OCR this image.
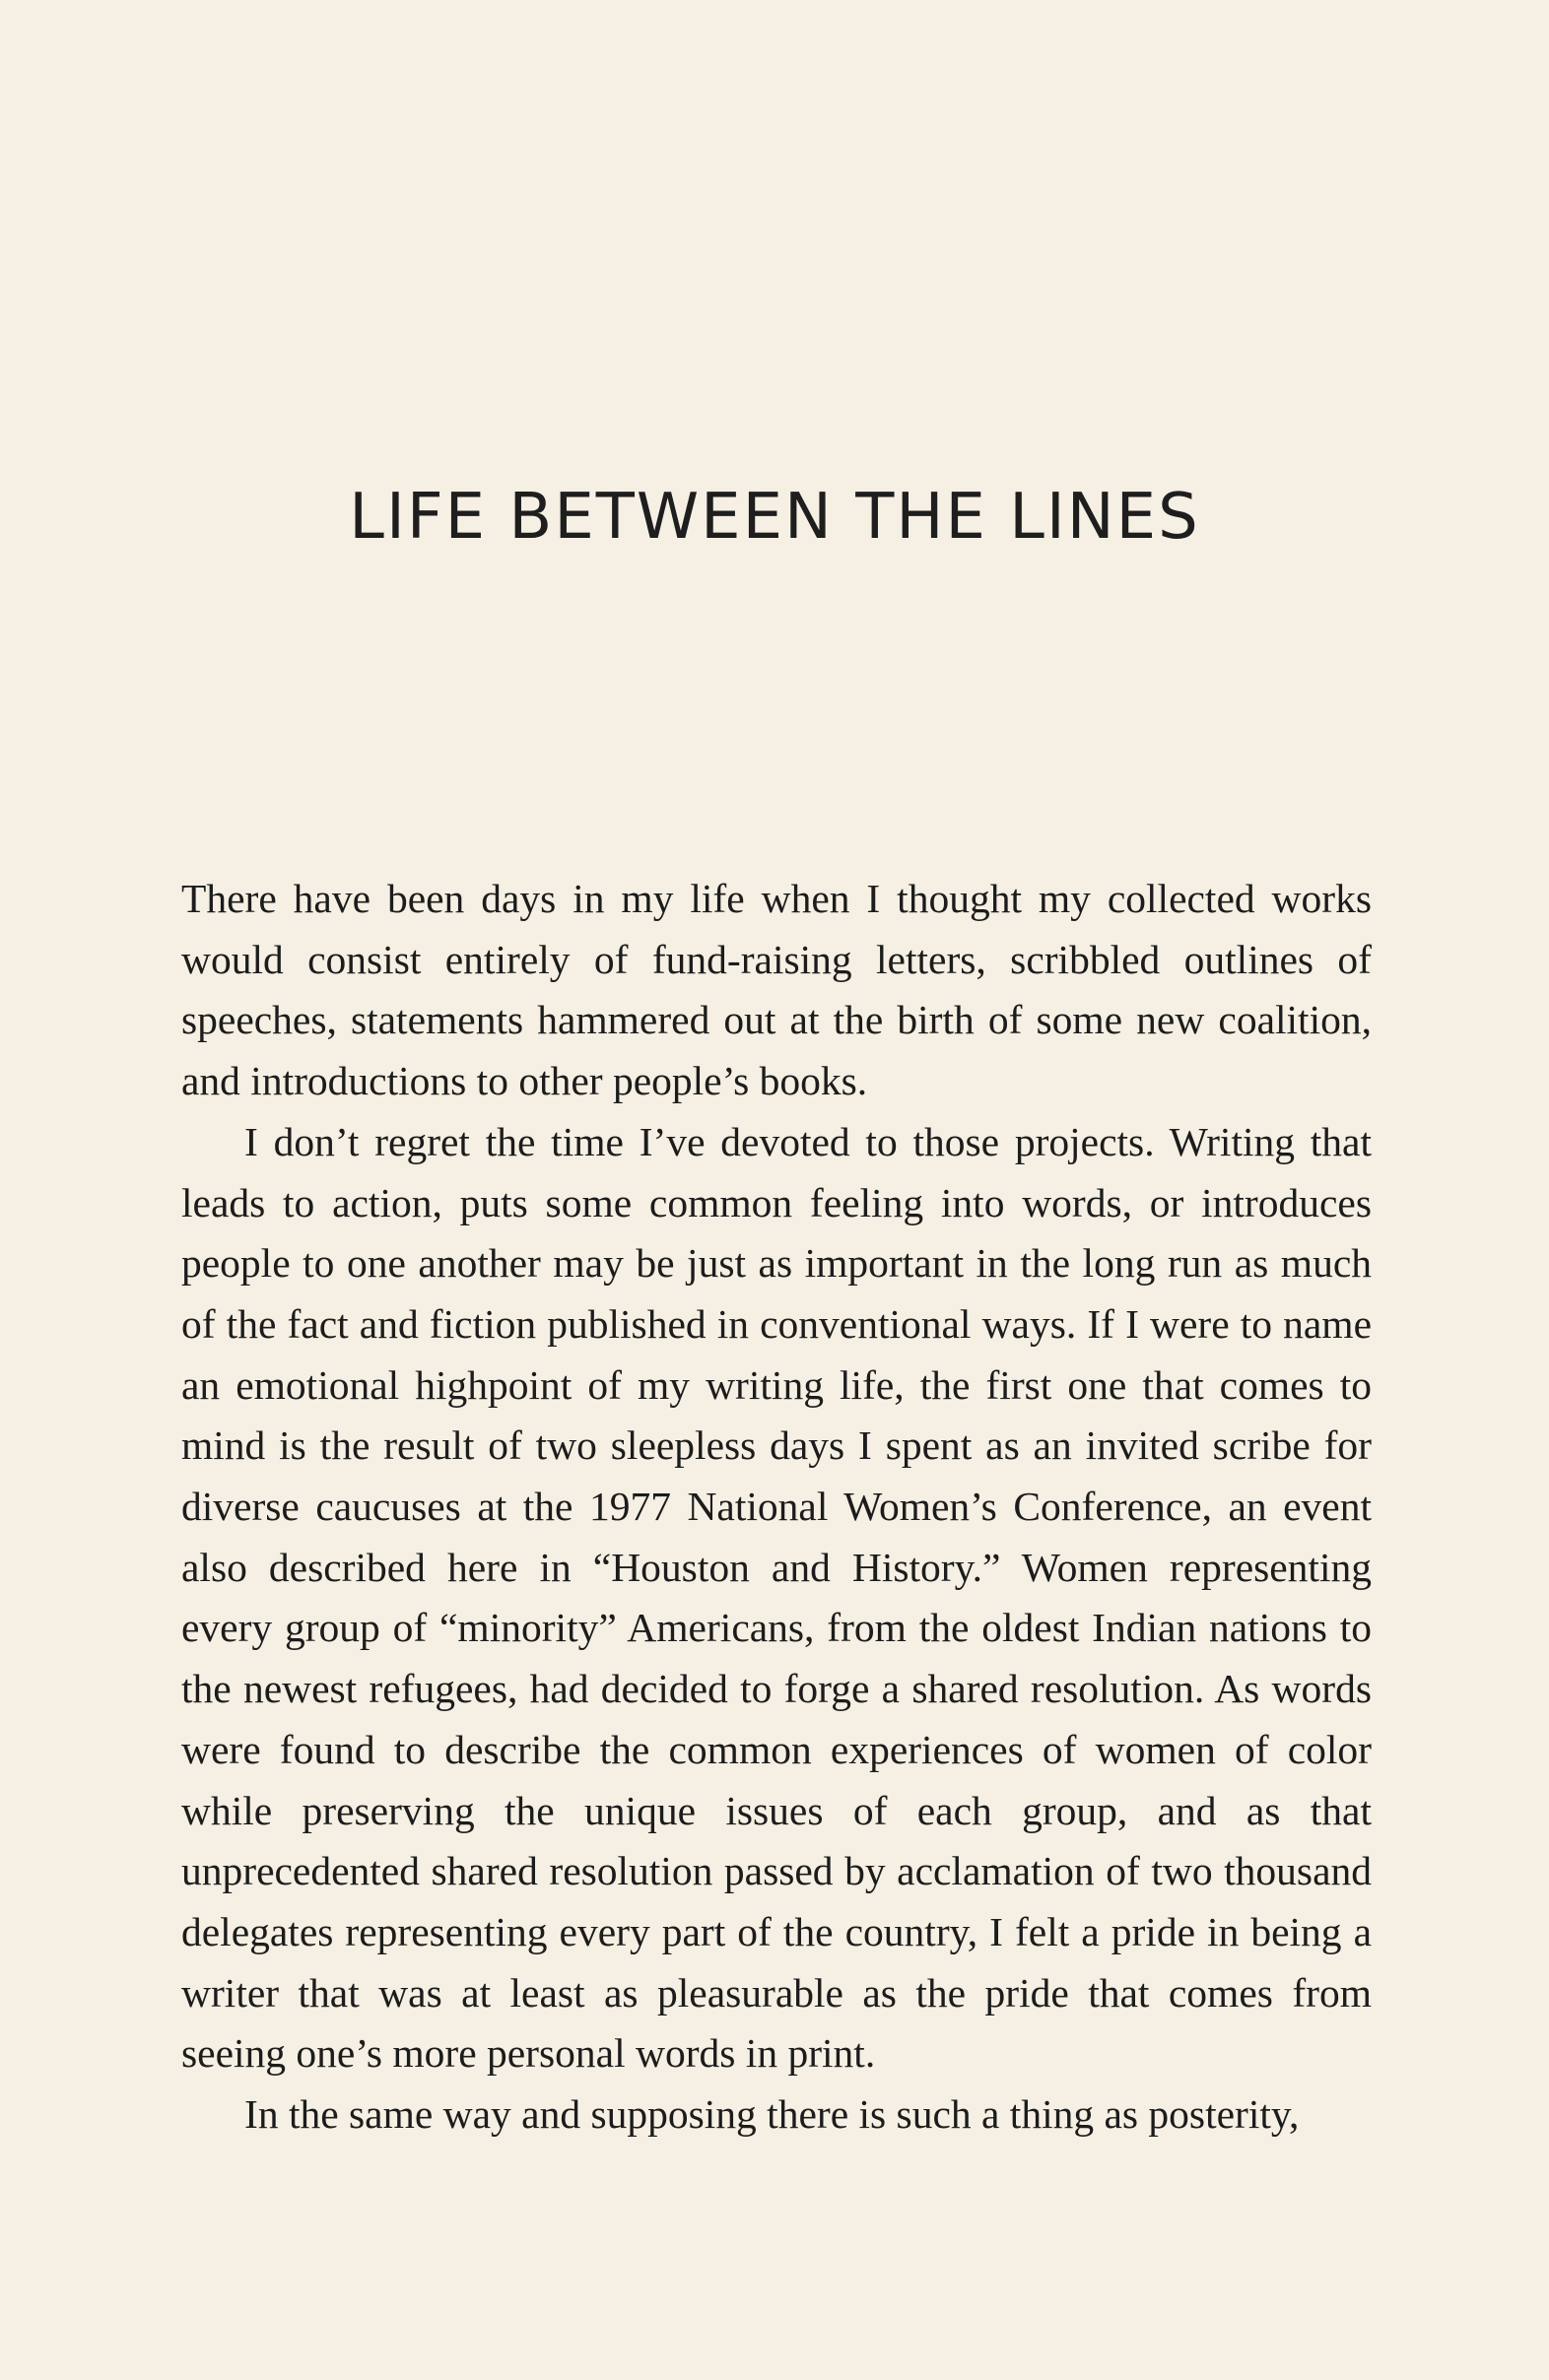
LIFE BETWEEN THE LINES

There have been days in my life when I thought my collected works would consist entirely of fund-raising letters, scribbled outlines of speeches, statements hammered out at the birth of some new coalition, and introductions to other people’s books.

I don’t regret the time I’ve devoted to those projects. Writing that leads to action, puts some common feeling into words, or introduces people to one another may be just as important in the long run as much of the fact and fiction published in conventional ways. If I were to name an emotional highpoint of my writing life, the first one that comes to mind is the result of two sleepless days I spent as an invited scribe for diverse caucuses at the 1977 National Women’s Conference, an event also described here in “Houston and History.” Women representing every group of “minority” Americans, from the oldest Indian nations to the newest refugees, had decided to forge a shared resolution. As words were found to describe the common experiences of women of color while preserving the unique issues of each group, and as that unprecedented shared resolution passed by acclamation of two thousand delegates representing every part of the country, I felt a pride in being a writer that was at least as pleasurable as the pride that comes from seeing one’s more personal words in print.

In the same way and supposing there is such a thing as posterity,
